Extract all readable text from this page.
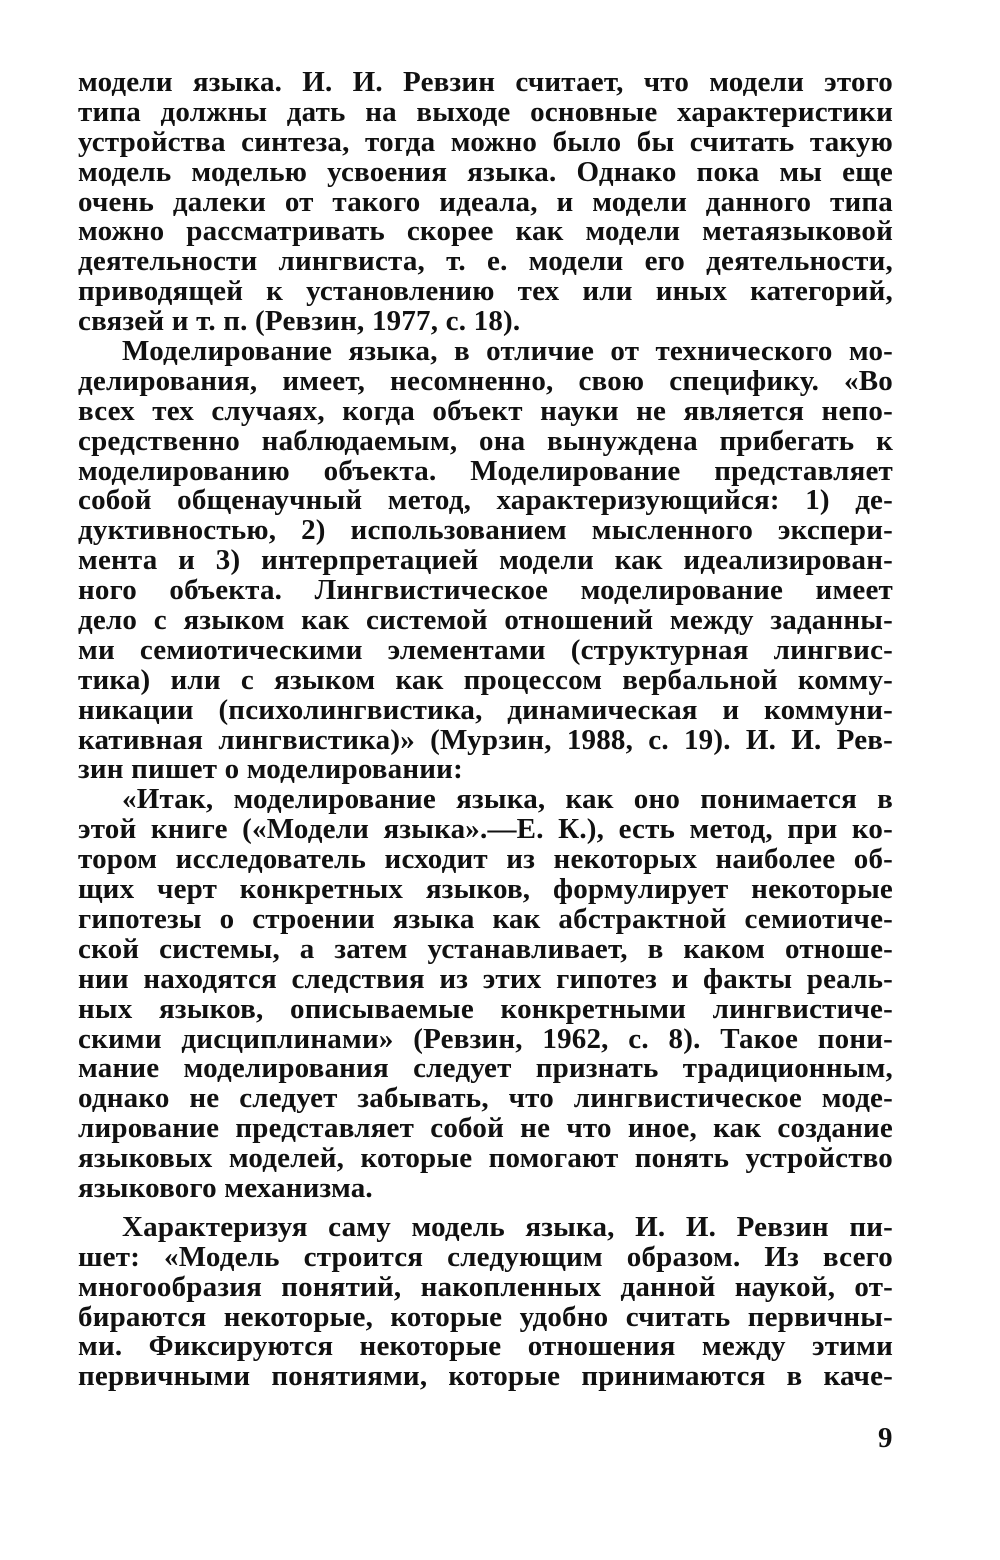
модели языка. И. И. Ревзин считает, что модели этого
типа должны дать на выходе основные характеристики
устройства синтеза, тогда можно было бы считать такую
модель моделью усвоения языка. Однако пока мы еще
очень далеки от такого идеала, и модели данного типа
можно рассматривать скорее как модели метаязыковой
деятельности лингвиста, т. е. модели его деятельности,
приводящей к установлению тех или иных категорий,
связей и т. п. (Ревзин, 1977, с. 18).
Моделирование языка, в отличие от технического мо-
делирования, имеет, несомненно, свою специфику. «Во
всех тех случаях, когда объект науки не является непо-
средственно наблюдаемым, она вынуждена прибегать к
моделированию объекта. Моделирование представляет
собой общенаучный метод, характеризующийся: 1) де-
дуктивностью, 2) использованием мысленного экспери-
мента и 3) интерпретацией модели как идеализирован-
ного объекта. Лингвистическое моделирование имеет
дело с языком как системой отношений между заданны-
ми семиотическими элементами (структурная лингвис-
тика) или с языком как процессом вербальной комму-
никации (психолингвистика, динамическая и коммуни-
кативная лингвистика)» (Мурзин, 1988, с. 19). И. И. Рев-
зин пишет о моделировании:
«Итак, моделирование языка, как оно понимается в
этой книге («Модели языка».—Е. К.), есть метод, при ко-
тором исследователь исходит из некоторых наиболее об-
щих черт конкретных языков, формулирует некоторые
гипотезы о строении языка как абстрактной семиотиче-
ской системы, а затем устанавливает, в каком отноше-
нии находятся следствия из этих гипотез и факты реаль-
ных языков, описываемые конкретными лингвистиче-
скими дисциплинами» (Ревзин, 1962, с. 8). Такое пони-
мание моделирования следует признать традиционным,
однако не следует забывать, что лингвистическое моде-
лирование представляет собой не что иное, как создание
языковых моделей, которые помогают понять устройство
языкового механизма.
Характеризуя саму модель языка, И. И. Ревзин пи-
шет: «Модель строится следующим образом. Из всего
многообразия понятий, накопленных данной наукой, от-
бираются некоторые, которые удобно считать первичны-
ми. Фиксируются некоторые отношения между этими
первичными понятиями, которые принимаются в каче-
9
